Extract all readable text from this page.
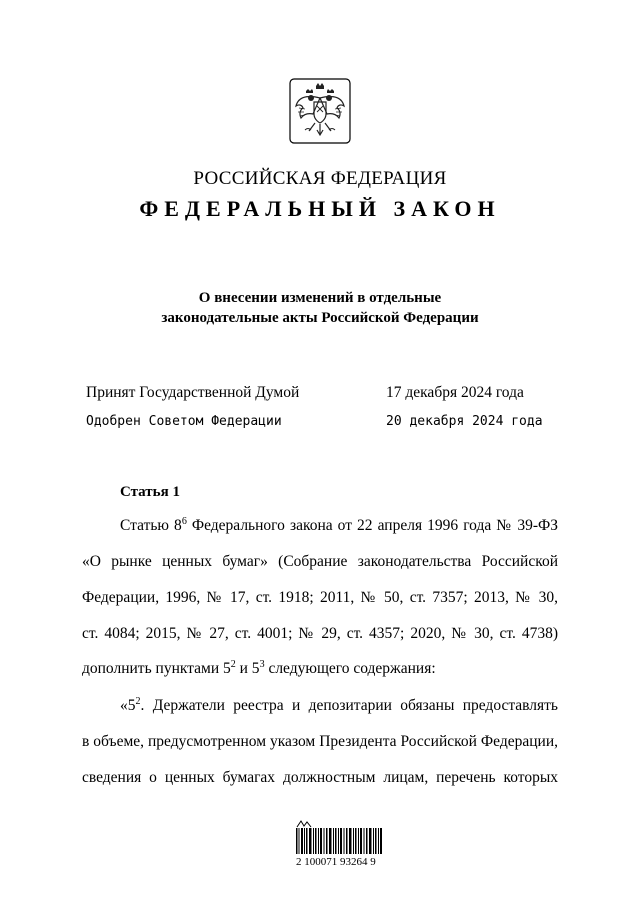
РОССИЙСКАЯ ФЕДЕРАЦИЯ
ФЕДЕРАЛЬНЫЙ ЗАКОН
О внесении изменений в отдельные
законодательные акты Российской Федерации
Принят Государственной Думой	17 декабря 2024 года
Одобрен Советом Федерации	20 декабря 2024 года
Статья 1
Статью $8^6$ Федерального закона от 22 апреля 1996 года № 39-ФЗ
«О рынке ценных бумаг» (Собрание законодательства Российской
Федерации, 1996, № 17, ст. 1918; 2011, № 50, ст. 7357; 2013, № 30,
ст. 4084; 2015, № 27, ст. 4001; № 29, ст. 4357; 2020, № 30, ст. 4738)
дополнить пунктами $5^2$ и $5^3$ следующего содержания:
«$5^2$. Держатели реестра и депозитарии обязаны предоставлять
в объеме, предусмотренном указом Президента Российской Федерации,
сведения о ценных бумагах должностным лицам, перечень которых
2 100071 93264 9
